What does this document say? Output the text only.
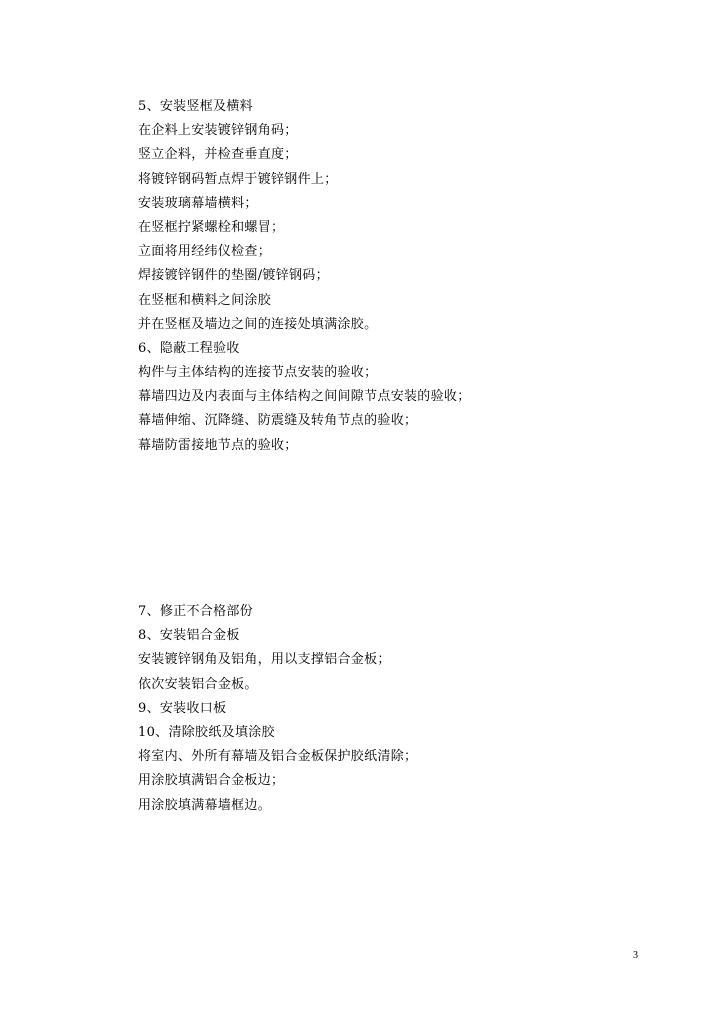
5、安装竖框及横料
在企料上安装镀锌钢角码；
竖立企料，并检查垂直度；
将镀锌钢码暂点焊于镀锌钢件上；
安装玻璃幕墙横料；
在竖框拧紧螺栓和螺冒；
立面将用经纬仪检查；
焊接镀锌钢件的垫圈/镀锌钢码；
在竖框和横料之间涂胶
并在竖框及墙边之间的连接处填满涂胶。
6、隐蔽工程验收
构件与主体结构的连接节点安装的验收；
幕墙四边及内表面与主体结构之间间隙节点安装的验收；
幕墙伸缩、沉降缝、防震缝及转角节点的验收；
幕墙防雷接地节点的验收；
7、修正不合格部份
8、安装铝合金板
安装镀锌钢角及铝角，用以支撑铝合金板；
依次安装铝合金板。
9、安装收口板
10、清除胶纸及填涂胶
将室内、外所有幕墙及铝合金板保护胶纸清除；
用涂胶填满铝合金板边；
用涂胶填满幕墙框边。
3
